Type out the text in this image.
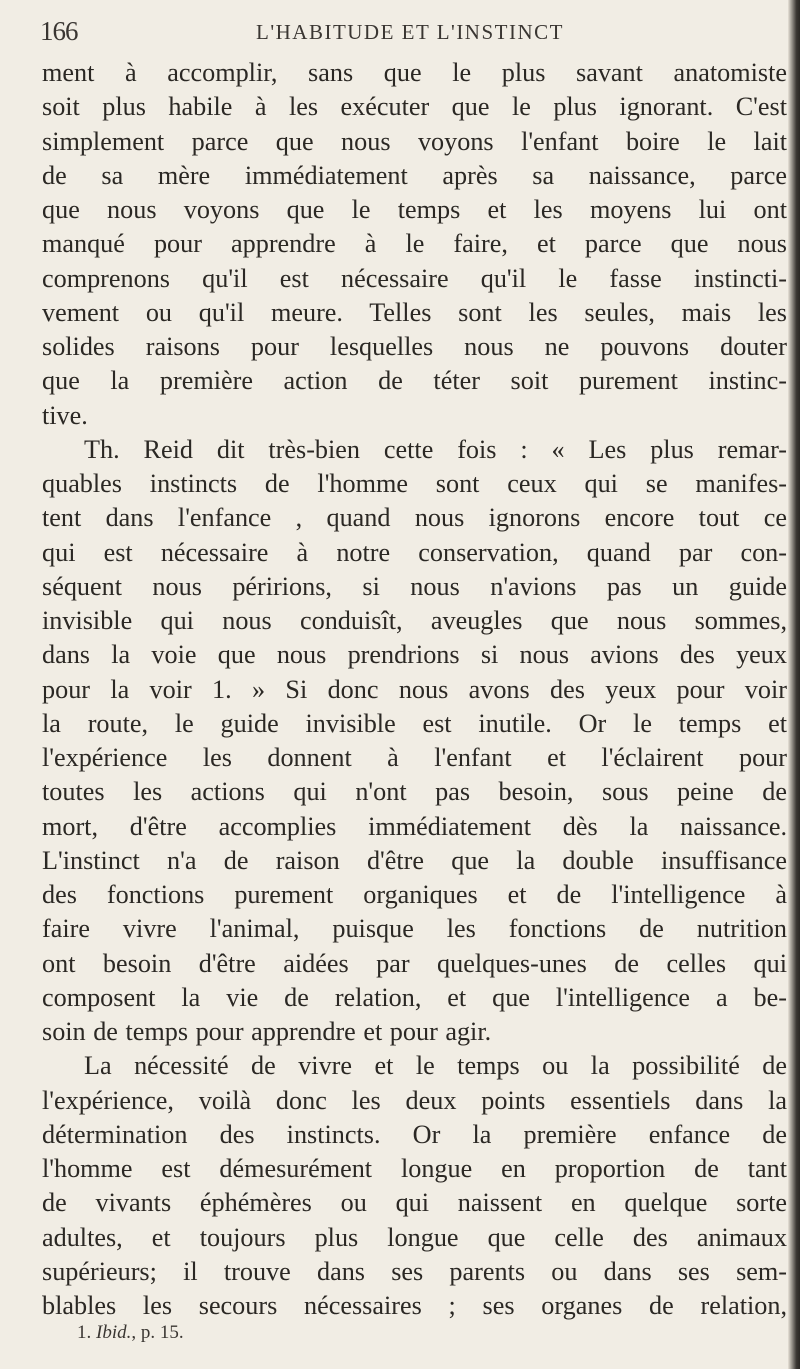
166	L'HABITUDE ET L'INSTINCT
ment à accomplir, sans que le plus savant anatomiste
soit plus habile à les exécuter que le plus ignorant. C'est
simplement parce que nous voyons l'enfant boire le lait
de sa mère immédiatement après sa naissance, parce
que nous voyons que le temps et les moyens lui ont
manqué pour apprendre à le faire, et parce que nous
comprenons qu'il est nécessaire qu'il le fasse instincti-
vement ou qu'il meure. Telles sont les seules, mais les
solides raisons pour lesquelles nous ne pouvons douter
que la première action de téter soit purement instinc-
tive.
Th. Reid dit très-bien cette fois : « Les plus remar-
quables instincts de l'homme sont ceux qui se manifes-
tent dans l'enfance , quand nous ignorons encore tout ce
qui est nécessaire à notre conservation, quand par con-
séquent nous péririons, si nous n'avions pas un guide
invisible qui nous conduisît, aveugles que nous sommes,
dans la voie que nous prendrions si nous avions des yeux
pour la voir 1. » Si donc nous avons des yeux pour voir
la route, le guide invisible est inutile. Or le temps et
l'expérience les donnent à l'enfant et l'éclairent pour
toutes les actions qui n'ont pas besoin, sous peine de
mort, d'être accomplies immédiatement dès la naissance.
L'instinct n'a de raison d'être que la double insuffisance
des fonctions purement organiques et de l'intelligence à
faire vivre l'animal, puisque les fonctions de nutrition
ont besoin d'être aidées par quelques-unes de celles qui
composent la vie de relation, et que l'intelligence a be-
soin de temps pour apprendre et pour agir.
La nécessité de vivre et le temps ou la possibilité de
l'expérience, voilà donc les deux points essentiels dans la
détermination des instincts. Or la première enfance de
l'homme est démesurément longue en proportion de tant
de vivants éphémères ou qui naissent en quelque sorte
adultes, et toujours plus longue que celle des animaux
supérieurs; il trouve dans ses parents ou dans ses sem-
blables les secours nécessaires ; ses organes de relation,
1. Ibid., p. 15.
